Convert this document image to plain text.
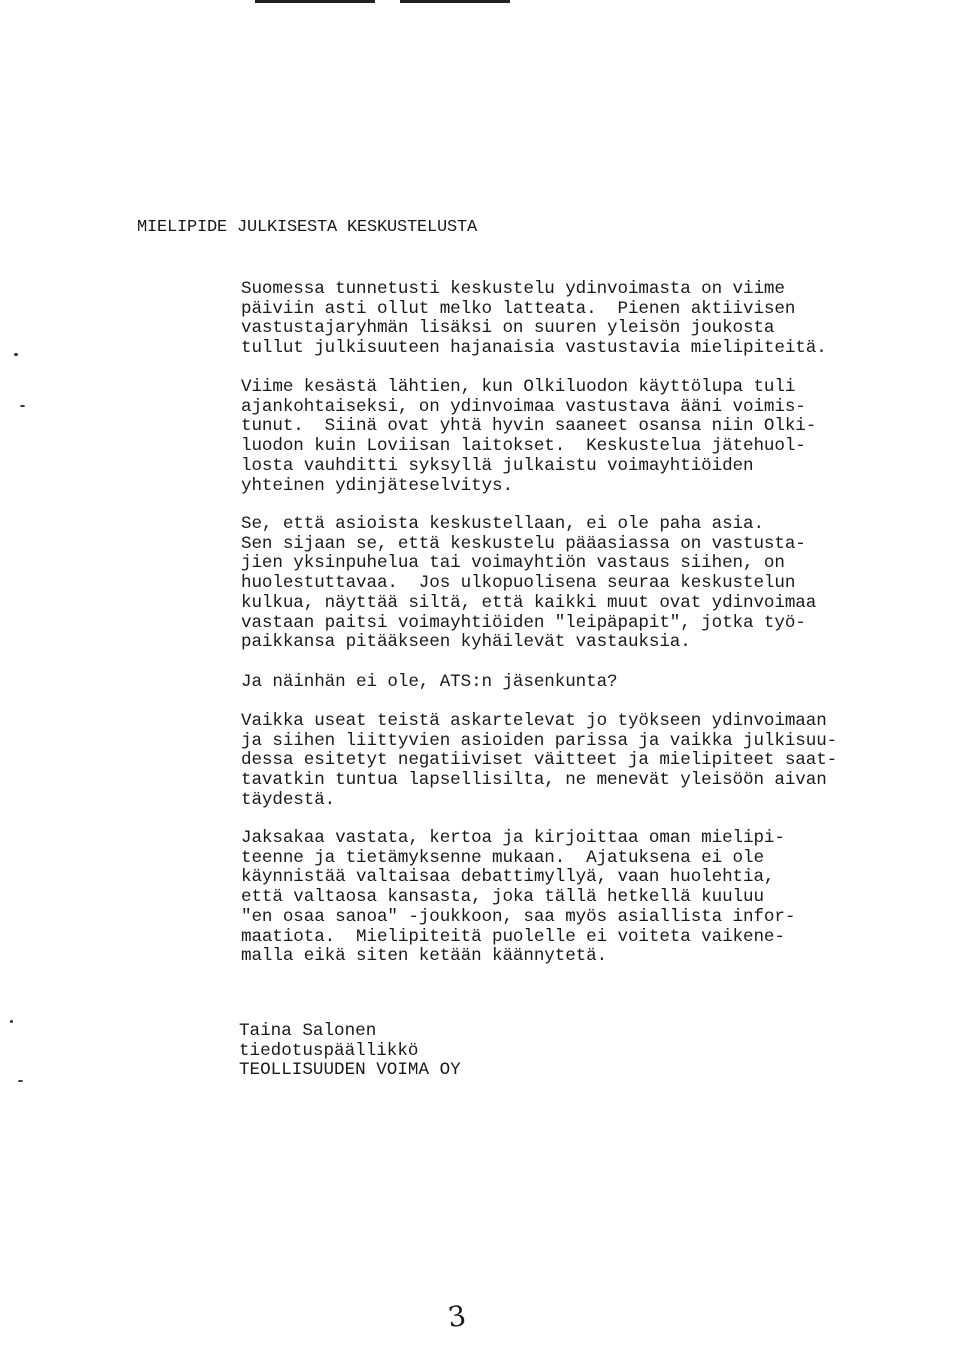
MIELIPIDE JULKISESTA KESKUSTELUSTA
Suomessa tunnetusti keskustelu ydinvoimasta on viime
päiviin asti ollut melko latteata.  Pienen aktiivisen
vastustajaryhmän lisäksi on suuren yleisön joukosta
tullut julkisuuteen hajanaisia vastustavia mielipiteitä.
Viime kesästä lähtien, kun Olkiluodon käyttölupa tuli
ajankohtaiseksi, on ydinvoimaa vastustava ääni voimis-
tunut.  Siinä ovat yhtä hyvin saaneet osansa niin Olki-
luodon kuin Loviisan laitokset.  Keskustelua jätehuol-
losta vauhditti syksyllä julkaistu voimayhtiöiden
yhteinen ydinjäteselvitys.
Se, että asioista keskustellaan, ei ole paha asia.
Sen sijaan se, että keskustelu pääasiassa on vastusta-
jien yksinpuhelua tai voimayhtiön vastaus siihen, on
huolestuttavaa.  Jos ulkopuolisena seuraa keskustelun
kulkua, näyttää siltä, että kaikki muut ovat ydinvoimaa
vastaan paitsi voimayhtiöiden "leipäpapit", jotka työ-
paikkansa pitääkseen kyhäilevät vastauksia.
Ja näinhän ei ole, ATS:n jäsenkunta?
Vaikka useat teistä askartelevat jo työkseen ydinvoimaan
ja siihen liittyvien asioiden parissa ja vaikka julkisuu-
dessa esitetyt negatiiviset väitteet ja mielipiteet saat-
tavatkin tuntua lapsellisilta, ne menevät yleisöön aivan
täydestä.
Jaksakaa vastata, kertoa ja kirjoittaa oman mielipi-
teenne ja tietämyksenne mukaan.  Ajatuksena ei ole
käynnistää valtaisaa debattimyllyä, vaan huolehtia,
että valtaosa kansasta, joka tällä hetkellä kuuluu
"en osaa sanoa" -joukkoon, saa myös asiallista infor-
maatiota.  Mielipiteitä puolelle ei voiteta vaikene-
malla eikä siten ketään käännytetä.
Taina Salonen
tiedotuspäällikkö
TEOLLISUUDEN VOIMA OY
3
